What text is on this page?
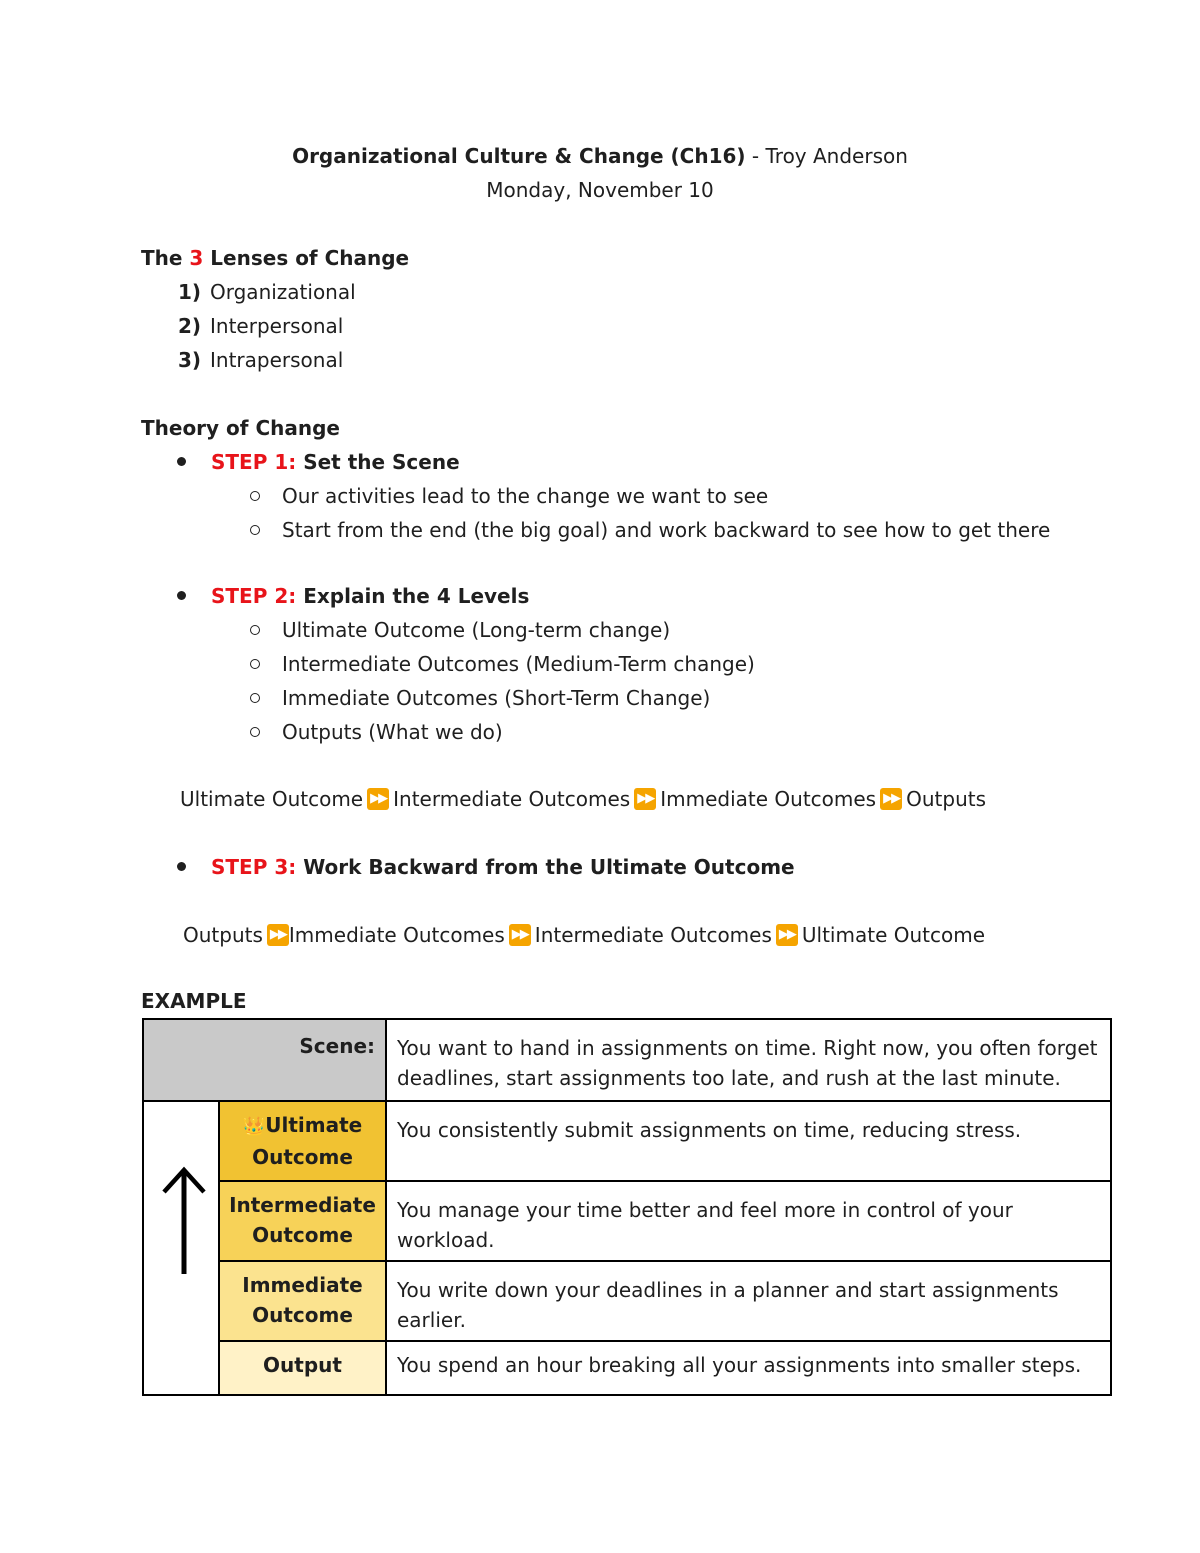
Organizational Culture & Change (Ch16) - Troy Anderson
Monday, November 10
The 3 Lenses of Change
1) Organizational
2) Interpersonal
3) Intrapersonal
Theory of Change
STEP 1: Set the Scene
Our activities lead to the change we want to see
Start from the end (the big goal) and work backward to see how to get there
STEP 2: Explain the 4 Levels
Ultimate Outcome (Long-term change)
Intermediate Outcomes (Medium-Term change)
Immediate Outcomes (Short-Term Change)
Outputs (What we do)
Ultimate Outcome ▶▶ Intermediate Outcomes ▶▶ Immediate Outcomes ▶▶ Outputs
STEP 3: Work Backward from the Ultimate Outcome
Outputs ▶▶ Immediate Outcomes ▶▶ Intermediate Outcomes ▶▶ Ultimate Outcome
EXAMPLE
Scene:		You want to hand in assignments on time. Right now, you often forget deadlines, start assignments too late, and rush at the last minute.

	👑Ultimate
Outcome	You consistently submit assignments on time, reducing stress.
	Intermediate
Outcome	You manage your time better and feel more in control of your workload.
	Immediate
Outcome	You write down your deadlines in a planner and start assignments earlier.
	Output	You spend an hour breaking all your assignments into smaller steps.
